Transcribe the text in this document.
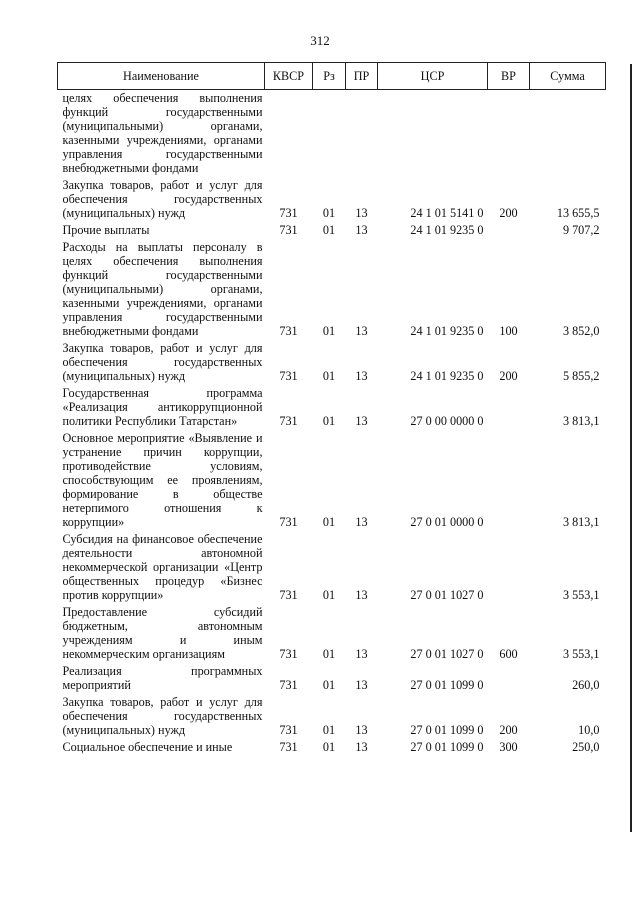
312
Наименование	КВСР	Рз	ПР	ЦСР	ВР	Сумма
целях обеспечения выполнения функций государственными (муниципальными) органами, казенными учреждениями, органами управления государственными внебюджетными фондами						
Закупка товаров, работ и услуг для обеспечения государственных (муниципальных) нужд	731	01	13	24 1 01 5141 0	200	13 655,5
Прочие выплаты	731	01	13	24 1 01 9235 0		9 707,2
Расходы на выплаты персоналу в целях обеспечения выполнения функций государственными (муниципальными) органами, казенными учреждениями, органами управления государственными внебюджетными фондами	731	01	13	24 1 01 9235 0	100	3 852,0
Закупка товаров, работ и услуг для обеспечения государственных (муниципальных) нужд	731	01	13	24 1 01 9235 0	200	5 855,2
Государственная программа «Реализация антикоррупционной политики Республики Татарстан»	731	01	13	27 0 00 0000 0		3 813,1
Основное мероприятие «Выявление и устранение причин коррупции, противодействие условиям, способствующим ее проявлениям, формирование в обществе нетерпимого отношения к коррупции»	731	01	13	27 0 01 0000 0		3 813,1
Субсидия на финансовое обеспечение деятельности автономной некоммерческой организации «Центр общественных процедур «Бизнес против коррупции»	731	01	13	27 0 01 1027 0		3 553,1
Предоставление субсидий бюджетным, автономным учреждениям и иным некоммерческим организациям	731	01	13	27 0 01 1027 0	600	3 553,1
Реализация программных мероприятий	731	01	13	27 0 01 1099 0		260,0
Закупка товаров, работ и услуг для обеспечения государственных (муниципальных) нужд	731	01	13	27 0 01 1099 0	200	10,0
Социальное обеспечение и иные	731	01	13	27 0 01 1099 0	300	250,0
